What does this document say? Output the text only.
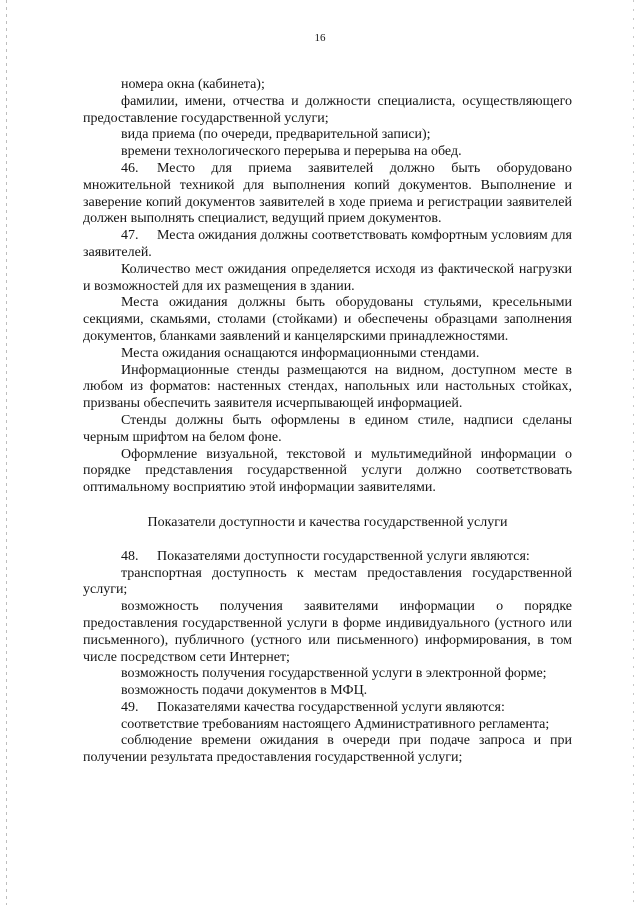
16

номера окна (кабинета);

фамилии, имени, отчества и должности специалиста, осуществляющего предоставление государственной услуги;

вида приема (по очереди, предварительной записи);

времени технологического перерыва и перерыва на обед.

46. Место для приема заявителей должно быть оборудовано множительной техникой для выполнения копий документов. Выполнение и заверение копий документов заявителей в ходе приема и регистрации заявителей должен выполнять специалист, ведущий прием документов.

47. Места ожидания должны соответствовать комфортным условиям для заявителей.

Количество мест ожидания определяется исходя из фактической нагрузки и возможностей для их размещения в здании.

Места ожидания должны быть оборудованы стульями, кресельными секциями, скамьями, столами (стойками) и обеспечены образцами заполнения документов, бланками заявлений и канцелярскими принадлежностями.

Места ожидания оснащаются информационными стендами.

Информационные стенды размещаются на видном, доступном месте в любом из форматов: настенных стендах, напольных или настольных стойках, призваны обеспечить заявителя исчерпывающей информацией.

Стенды должны быть оформлены в едином стиле, надписи сделаны черным шрифтом на белом фоне.

Оформление визуальной, текстовой и мультимедийной информации о порядке представления государственной услуги должно соответствовать оптимальному восприятию этой информации заявителями.

Показатели доступности и качества государственной услуги

48. Показателями доступности государственной услуги являются:

транспортная доступность к местам предоставления государственной услуги;

возможность получения заявителями информации о порядке предоставления государственной услуги в форме индивидуального (устного или письменного), публичного (устного или письменного) информирования, в том числе посредством сети Интернет;

возможность получения государственной услуги в электронной форме;

возможность подачи документов в МФЦ.

49. Показателями качества государственной услуги являются:

соответствие требованиям настоящего Административного регламента;

соблюдение времени ожидания в очереди при подаче запроса и при получении результата предоставления государственной услуги;
